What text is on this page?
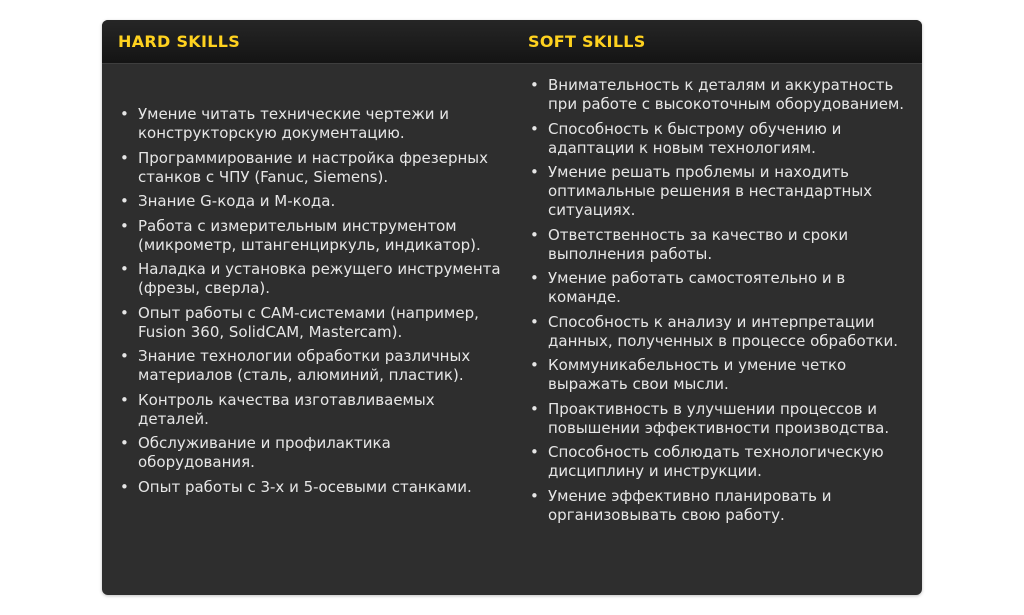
HARD SKILLS	SOFT SKILLS
• Умение читать технические чертежи и конструкторскую документацию.
• Программирование и настройка фрезерных станков с ЧПУ (Fanuc, Siemens).
• Знание G-кода и M-кода.
• Работа с измерительным инструментом (микрометр, штангенциркуль, индикатор).
• Наладка и установка режущего инструмента (фрезы, сверла).
• Опыт работы с CAM-системами (например, Fusion 360, SolidCAM, Mastercam).
• Знание технологии обработки различных материалов (сталь, алюминий, пластик).
• Контроль качества изготавливаемых деталей.
• Обслуживание и профилактика оборудования.
• Опыт работы с 3-х и 5-осевыми станками.
• Внимательность к деталям и аккуратность при работе с высокоточным оборудованием.
• Способность к быстрому обучению и адаптации к новым технологиям.
• Умение решать проблемы и находить оптимальные решения в нестандартных ситуациях.
• Ответственность за качество и сроки выполнения работы.
• Умение работать самостоятельно и в команде.
• Способность к анализу и интерпретации данных, полученных в процессе обработки.
• Коммуникабельность и умение четко выражать свои мысли.
• Проактивность в улучшении процессов и повышении эффективности производства.
• Способность соблюдать технологическую дисциплину и инструкции.
• Умение эффективно планировать и организовывать свою работу.
